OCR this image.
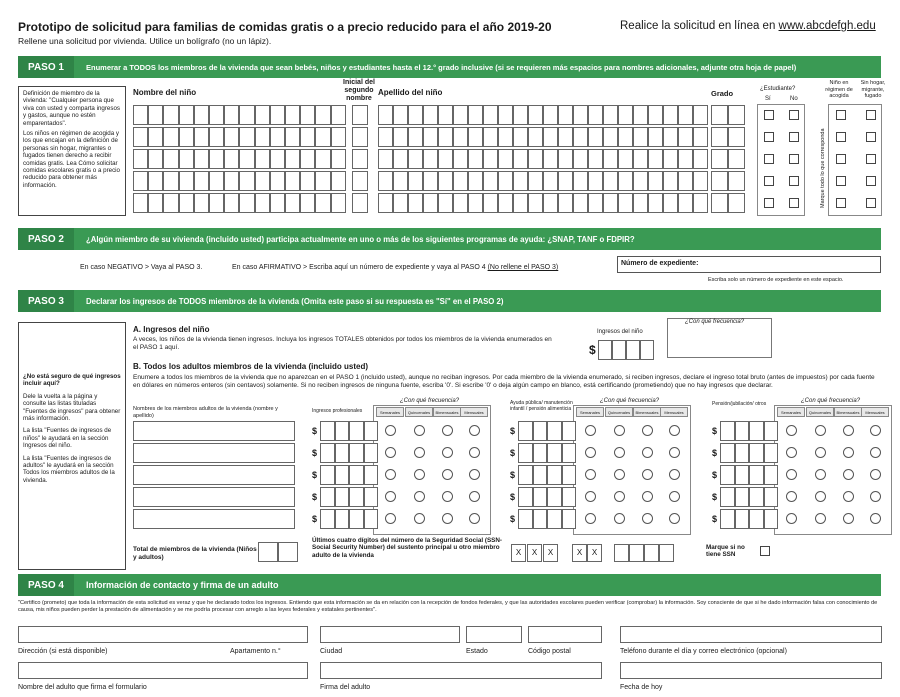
Prototipo de solicitud para familias de comidas gratis o a precio reducido para el año 2019-20
Rellene una solicitud por vivienda. Utilice un bolígrafo (no un lápiz).
Realice la solicitud en línea en www.abcdefgh.edu
PASO 1	Enumerar a TODOS los miembros de la vivienda que sean bebés, niños y estudiantes hasta el 12.° grado inclusive (si se requieren más espacios para nombres adicionales, adjunte otra hoja de papel)
Definición de miembro de la vivienda: "Cualquier persona que viva con usted y comparta ingresos y gastos, aunque no estén emparentados".
Los niños en régimen de acogida y los que encajan en la definición de personas sin hogar, migrantes o fugados tienen derecho a recibir comidas gratis. Lea Cómo solicitar comidas escolares gratis o a precio reducido para obtener más información.
Nombre del niño
Inicial del segundo nombre
Apellido del niño	Grado	¿Estudiante?
Sí	No
Niño en régimen de acogida
Sin hogar, migrante, fugado
Marque todo lo que corresponda
PASO 2	¿Algún miembro de su vivienda (incluido usted) participa actualmente en uno o más de los siguientes programas de ayuda: ¿SNAP, TANF o FDPIR?
En caso NEGATIVO > Vaya al PASO 3.	En caso AFIRMATIVO > Escriba aquí un número de expediente y vaya al PASO 4 (No rellene el PASO 3)
Número de expediente:
Escriba solo un número de expediente en este espacio.
PASO 3	Declarar los ingresos de TODOS miembros de la vivienda (Omita este paso si su respuesta es "Sí" en el PASO 2)
¿No está seguro de qué ingresos incluir aquí?
Dele la vuelta a la página y consulte las listas tituladas "Fuentes de ingresos" para obtener más información.
La lista "Fuentes de ingresos de niños" le ayudará en la sección Ingresos del niño.
La lista "Fuentes de ingresos de adultos" le ayudará en la sección Todos los miembros adultos de la vivienda.
A. Ingresos del niño
A veces, los niños de la vivienda tienen ingresos. Incluya los ingresos TOTALES obtenidos por todos los miembros de la vivienda enumerados en el PASO 1 aquí.
Ingresos del niño
$
¿Con qué frecuencia?
B. Todos los adultos miembros de la vivienda (incluido usted)
Enumere a todos los miembros de la vivienda que no aparezcan en el PASO 1 (incluido usted), aunque no reciban ingresos. Por cada miembro de la vivienda enumerado, si reciben ingresos, declare el ingreso total bruto (antes de impuestos) por cada fuente en dólares en números enteros (sin centavos) solamente. Si no reciben ingresos de ninguna fuente, escriba '0'. Si escribe '0' o deja algún campo en blanco, está certificando (prometiendo) que no hay ingresos que declarar.
Nombres de los miembros adultos de la vivienda (nombre y apellido)
Ingresos profesionales
Ayuda pública/ manutención infantil / pensión alimenticia
Pensión/jubilación/ otros
¿Con qué frecuencia?
Semanales	Quincenales	Bimensuales	Mensuales
¿Con qué frecuencia?
Semanales	Quincenales	Bimensuales	Mensuales
¿Con qué frecuencia?
Semanales	Quincenales	Bimensuales	Mensuales
$	$	$
$	$	$
$	$	$
$	$	$
$	$	$
Total de miembros de la vivienda (Niños y adultos)
Últimos cuatro dígitos del número de la Seguridad Social (SSN- Social Security Number) del sustento principal u otro miembro adulto de la vivienda	X	X	X	X	X
Marque si no tiene SSN
PASO 4	Información de contacto y firma de un adulto
"Certifico (prometo) que toda la información de esta solicitud es veraz y que he declarado todos los ingresos. Entiendo que esta información se da en relación con la recepción de fondos federales, y que las autoridades escolares pueden verificar (comprobar) la información. Soy consciente de que si he dado información falsa con conocimiento de causa, mis niños pueden perder la prestación de alimentación y se me podría procesar con arreglo a las leyes federales y estatales pertinentes".
Dirección (si está disponible)	Apartamento n.°	Ciudad	Estado	Código postal	Teléfono durante el día y correo electrónico (opcional)
Nombre del adulto que firma el formulario	Firma del adulto	Fecha de hoy
